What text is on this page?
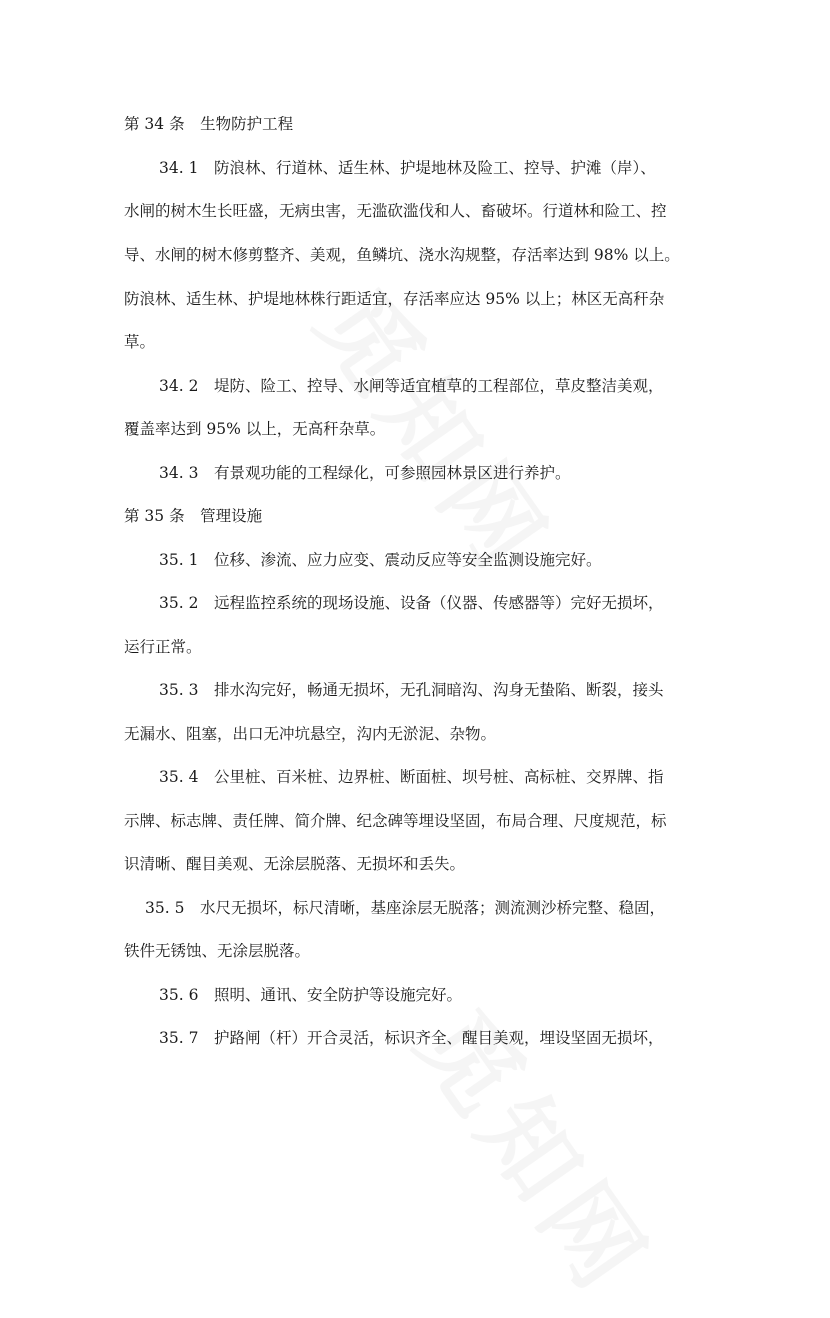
第 34 条　生物防护工程

34. 1　防浪林、行道林、适生林、护堤地林及险工、控导、护滩（岸）、

水闸的树木生长旺盛，无病虫害，无滥砍滥伐和人、畜破坏。行道林和险工、控

导、水闸的树木修剪整齐、美观，鱼鳞坑、浇水沟规整，存活率达到 98% 以上。

防浪林、适生林、护堤地林株行距适宜，存活率应达 95% 以上；林区无高秆杂

草。

34. 2　堤防、险工、控导、水闸等适宜植草的工程部位，草皮整洁美观，

覆盖率达到 95% 以上，无高秆杂草。

34. 3　有景观功能的工程绿化，可参照园林景区进行养护。

第 35 条　管理设施

35. 1　位移、渗流、应力应变、震动反应等安全监测设施完好。

35. 2　远程监控系统的现场设施、设备（仪器、传感器等）完好无损坏，

运行正常。

35. 3　排水沟完好，畅通无损坏，无孔洞暗沟、沟身无蛰陷、断裂，接头

无漏水、阻塞，出口无冲坑悬空，沟内无淤泥、杂物。

35. 4　公里桩、百米桩、边界桩、断面桩、坝号桩、高标桩、交界牌、指

示牌、标志牌、责任牌、简介牌、纪念碑等埋设坚固，布局合理、尺度规范，标

识清晰、醒目美观、无涂层脱落、无损坏和丢失。

35. 5　水尺无损坏，标尺清晰，基座涂层无脱落；测流测沙桥完整、稳固，

铁件无锈蚀、无涂层脱落。

35. 6　照明、通讯、安全防护等设施完好。

35. 7　护路闸（杆）开合灵活，标识齐全、醒目美观，埋设坚固无损坏，
